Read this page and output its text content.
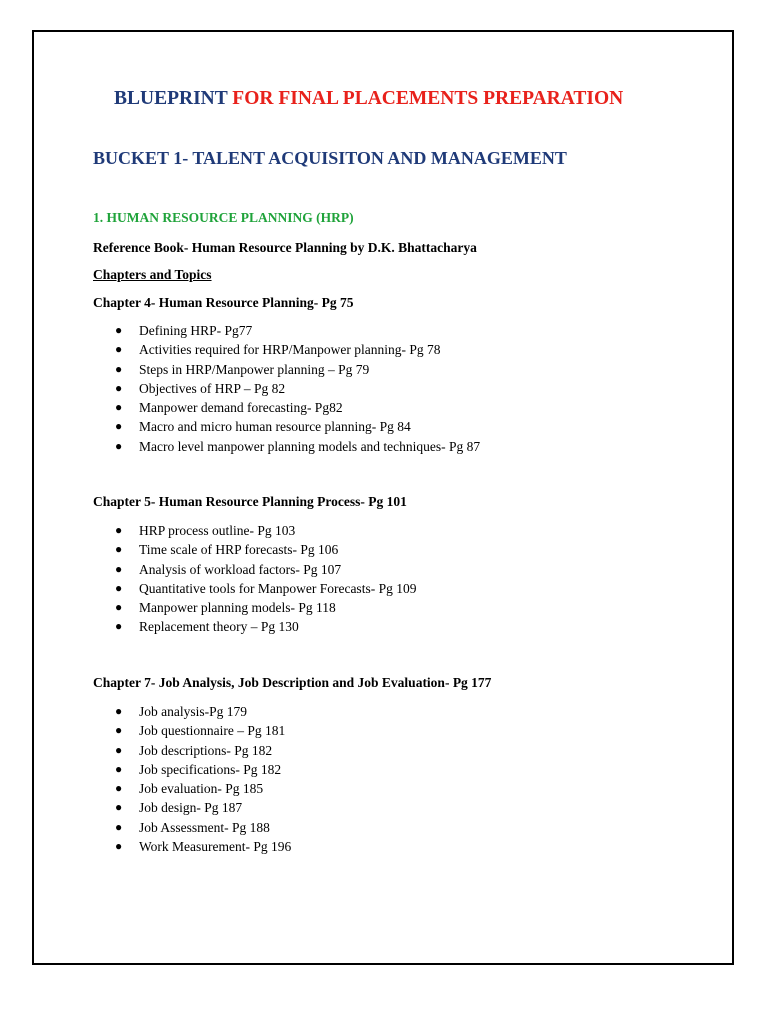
BLUEPRINT FOR FINAL PLACEMENTS PREPARATION
BUCKET 1- TALENT ACQUISITON AND MANAGEMENT
1. HUMAN RESOURCE PLANNING (HRP)
Reference Book- Human Resource Planning by D.K. Bhattacharya
Chapters and Topics
Chapter 4- Human Resource Planning- Pg 75
● Defining HRP- Pg77
● Activities required for HRP/Manpower planning- Pg 78
● Steps in HRP/Manpower planning – Pg 79
● Objectives of HRP – Pg 82
● Manpower demand forecasting- Pg82
● Macro and micro human resource planning- Pg 84
● Macro level manpower planning models and techniques- Pg 87
Chapter 5- Human Resource Planning Process- Pg 101
● HRP process outline- Pg 103
● Time scale of HRP forecasts- Pg 106
● Analysis of workload factors- Pg 107
● Quantitative tools for Manpower Forecasts- Pg 109
● Manpower planning models- Pg 118
● Replacement theory – Pg 130
Chapter 7- Job Analysis, Job Description and Job Evaluation- Pg 177
● Job analysis-Pg 179
● Job questionnaire – Pg 181
● Job descriptions- Pg 182
● Job specifications- Pg 182
● Job evaluation- Pg 185
● Job design- Pg 187
● Job Assessment- Pg 188
● Work Measurement- Pg 196
